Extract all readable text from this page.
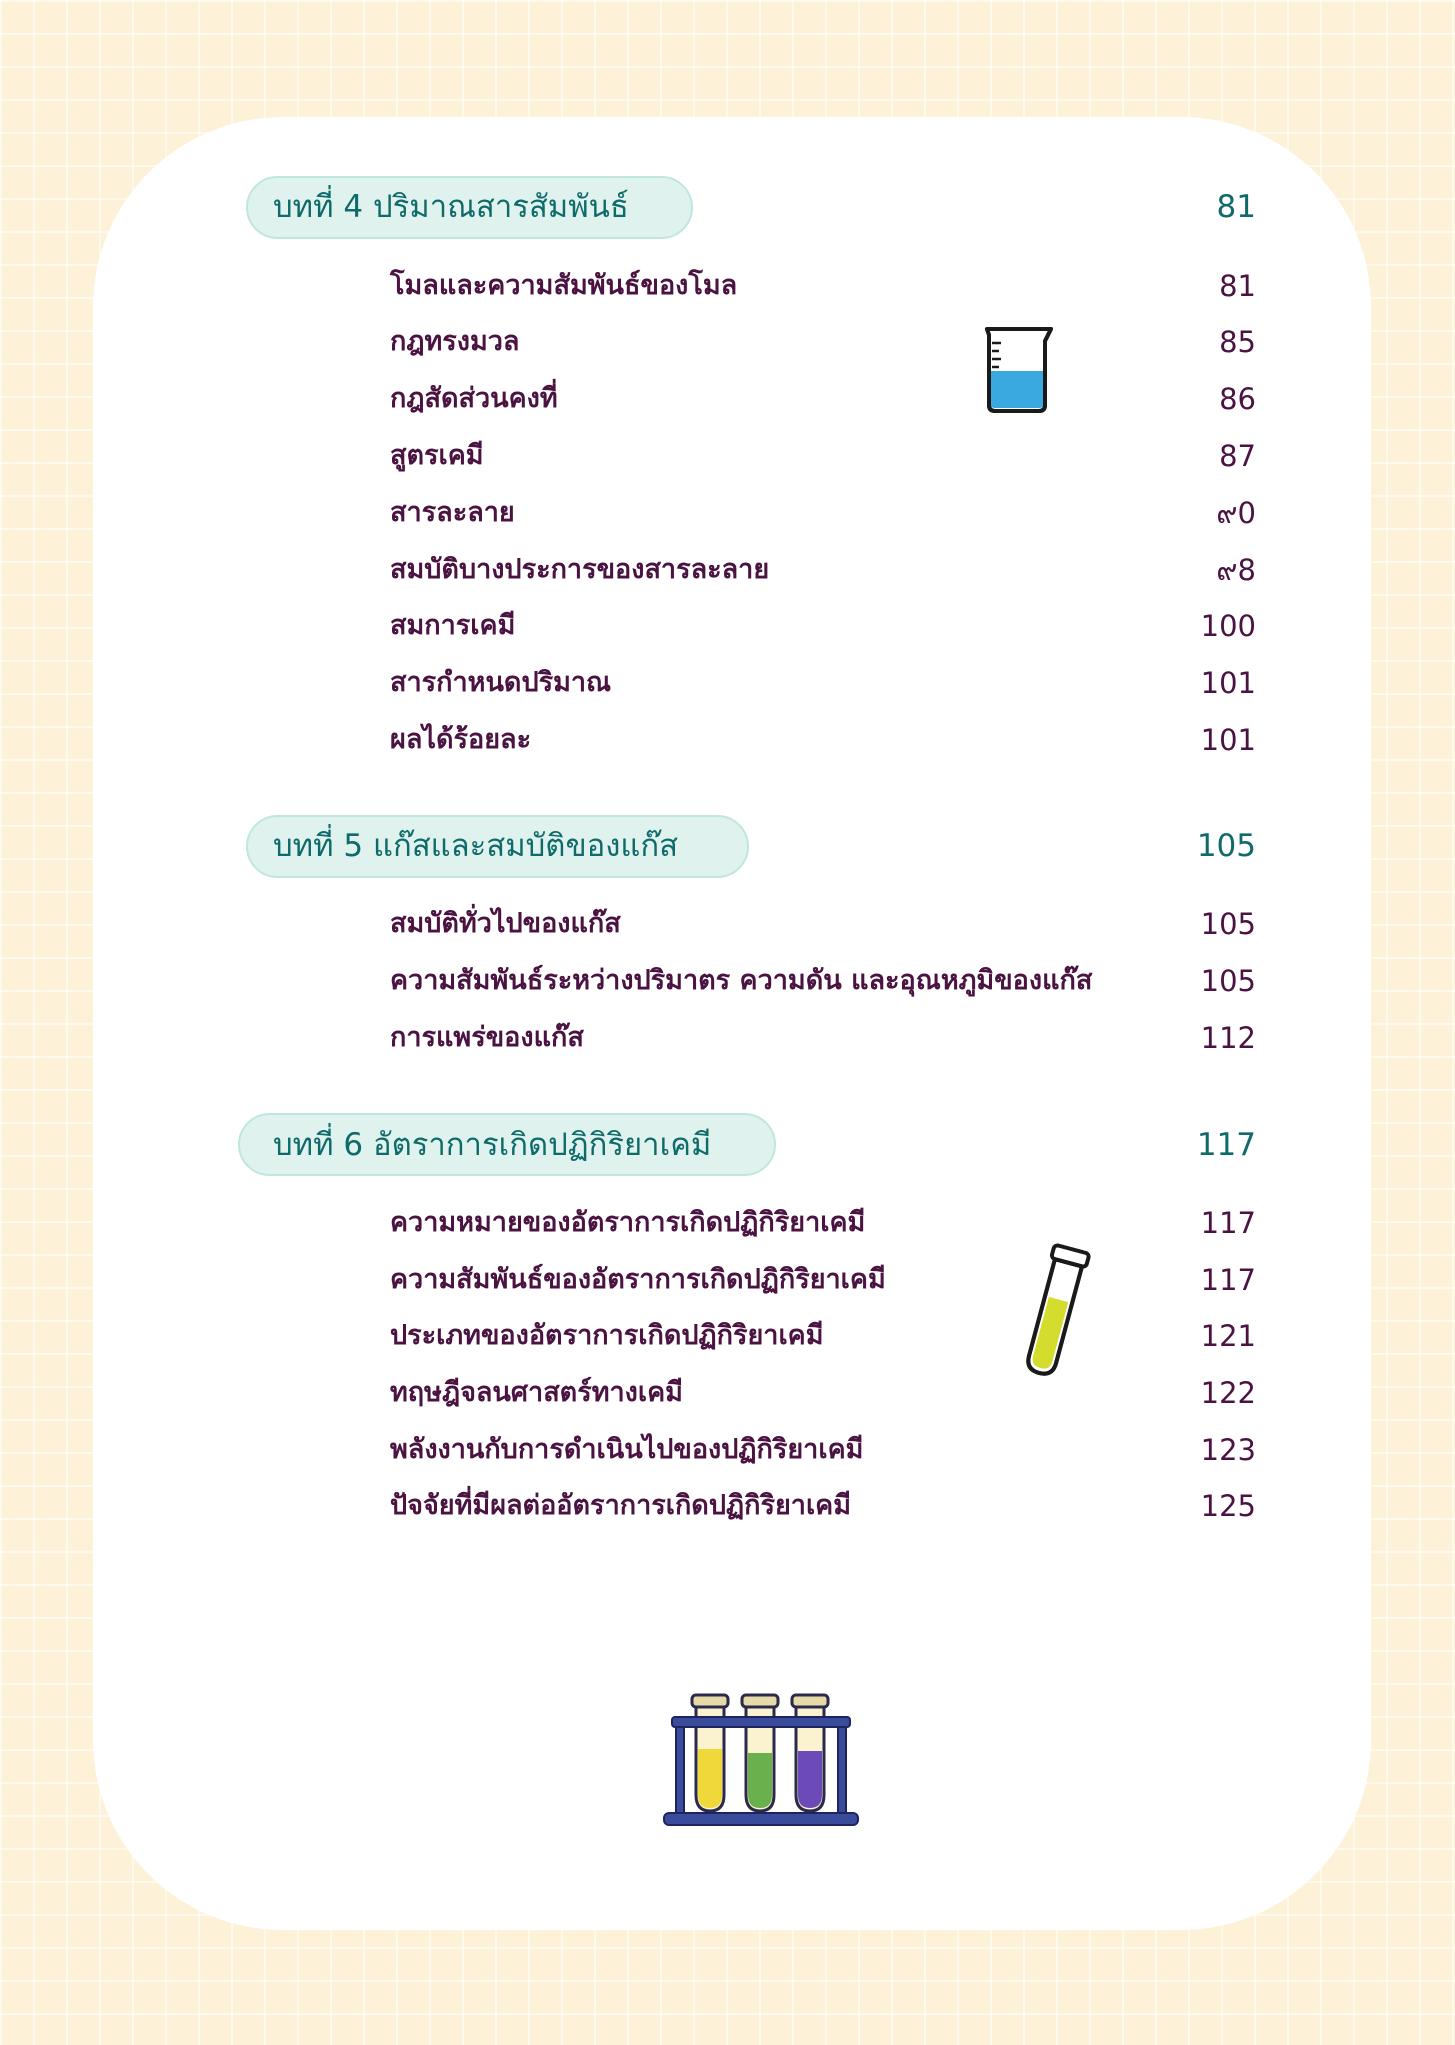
บทที่ 4 ปริมาณสารสัมพันธ์	81
โมลและความสัมพันธ์ของโมล	81
กฎทรงมวล	85
กฎสัดส่วนคงที่	86
สูตรเคมี	87
สารละลาย	๙0
สมบัติบางประการของสารละลาย	๙8
สมการเคมี	100
สารกำหนดปริมาณ	101
ผลได้ร้อยละ	101
บทที่ 5 แก๊สและสมบัติของแก๊ส	105
สมบัติทั่วไปของแก๊ส	105
ความสัมพันธ์ระหว่างปริมาตร ความดัน และอุณหภูมิของแก๊ส	105
การแพร่ของแก๊ส	112
บทที่ 6 อัตราการเกิดปฏิกิริยาเคมี	117
ความหมายของอัตราการเกิดปฏิกิริยาเคมี	117
ความสัมพันธ์ของอัตราการเกิดปฏิกิริยาเคมี	117
ประเภทของอัตราการเกิดปฏิกิริยาเคมี	121
ทฤษฎีจลนศาสตร์ทางเคมี	122
พลังงานกับการดำเนินไปของปฏิกิริยาเคมี	123
ปัจจัยที่มีผลต่ออัตราการเกิดปฏิกิริยาเคมี	125
